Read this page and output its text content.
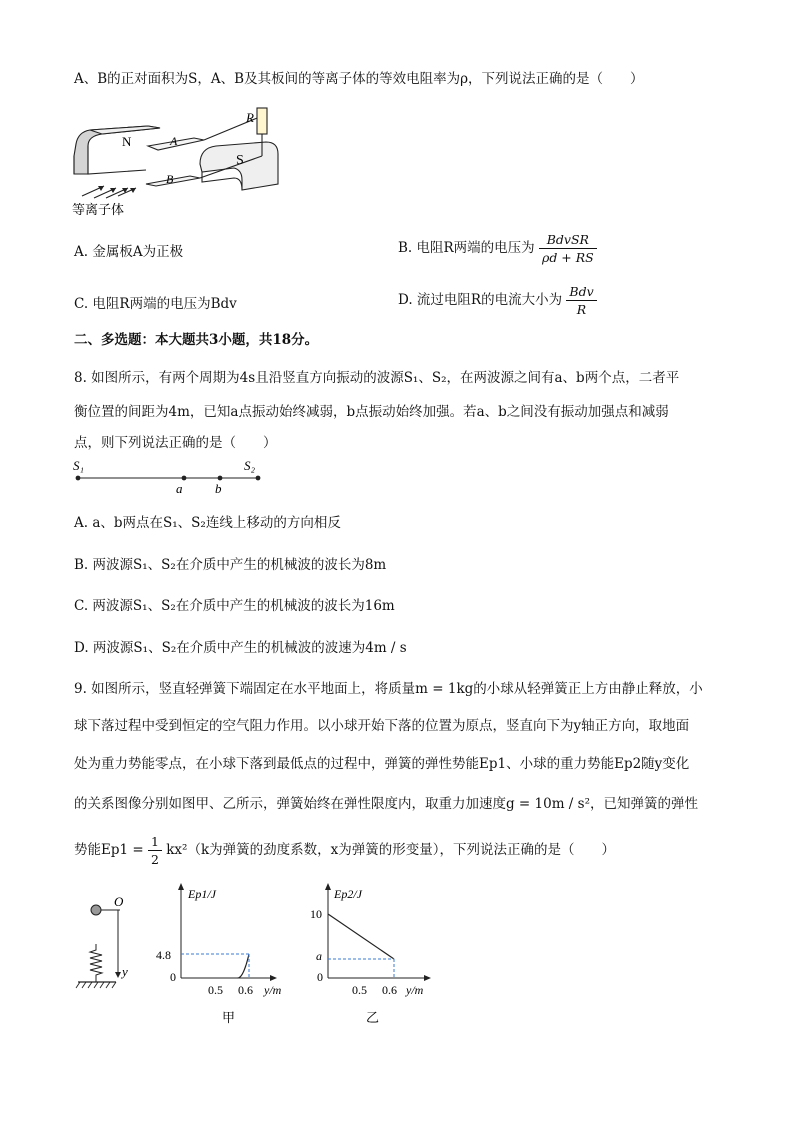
A、B的正对面积为S，A、B及其板间的等离子体的等效电阻率为ρ，下列说法正确的是（　　）
N	A
B
S
R
等离子体
A. 金属板A为正极	B. 电阻R两端的电压为 $\frac{\text{BdvSR}}{\rho d + RS}$
C. 电阻R两端的电压为Bdv	D. 流过电阻R的电流大小为 $\frac{\text{Bdv}}{R}$
二、多选题：本大题共3小题，共18分。
8. 如图所示，有两个周期为4s且沿竖直方向振动的波源S₁、S₂，在两波源之间有a、b两个点，二者平
衡位置的间距为4m，已知a点振动始终减弱，b点振动始终加强。若a、b之间没有振动加强点和减弱
点，则下列说法正确的是（　　）
S₁	S₂
a	b
A. a、b两点在S₁、S₂连线上移动的方向相反
B. 两波源S₁、S₂在介质中产生的机械波的波长为8m
C. 两波源S₁、S₂在介质中产生的机械波的波长为16m
D. 两波源S₁、S₂在介质中产生的机械波的波速为4m / s
9. 如图所示，竖直轻弹簧下端固定在水平地面上，将质量m = 1kg的小球从轻弹簧正上方由静止释放，小
球下落过程中受到恒定的空气阻力作用。以小球开始下落的位置为原点，竖直向下为y轴正方向，取地面
处为重力势能零点，在小球下落到最低点的过程中，弹簧的弹性势能Ep1、小球的重力势能Ep2随y变化
的关系图像分别如图甲、乙所示，弹簧始终在弹性限度内，取重力加速度g = 10m / s²，已知弹簧的弹性
势能$Ep1 = \frac{1}{2} kx^2(k$为弹簧的劲度系数，x为弹簧的形变量），下列说法正确的是（　　）
O
y
Ep1/J
4.8
0
0.5 0.6 y/m
甲
Ep2/J
10
a
0
0.5 0.6 y/m
乙
